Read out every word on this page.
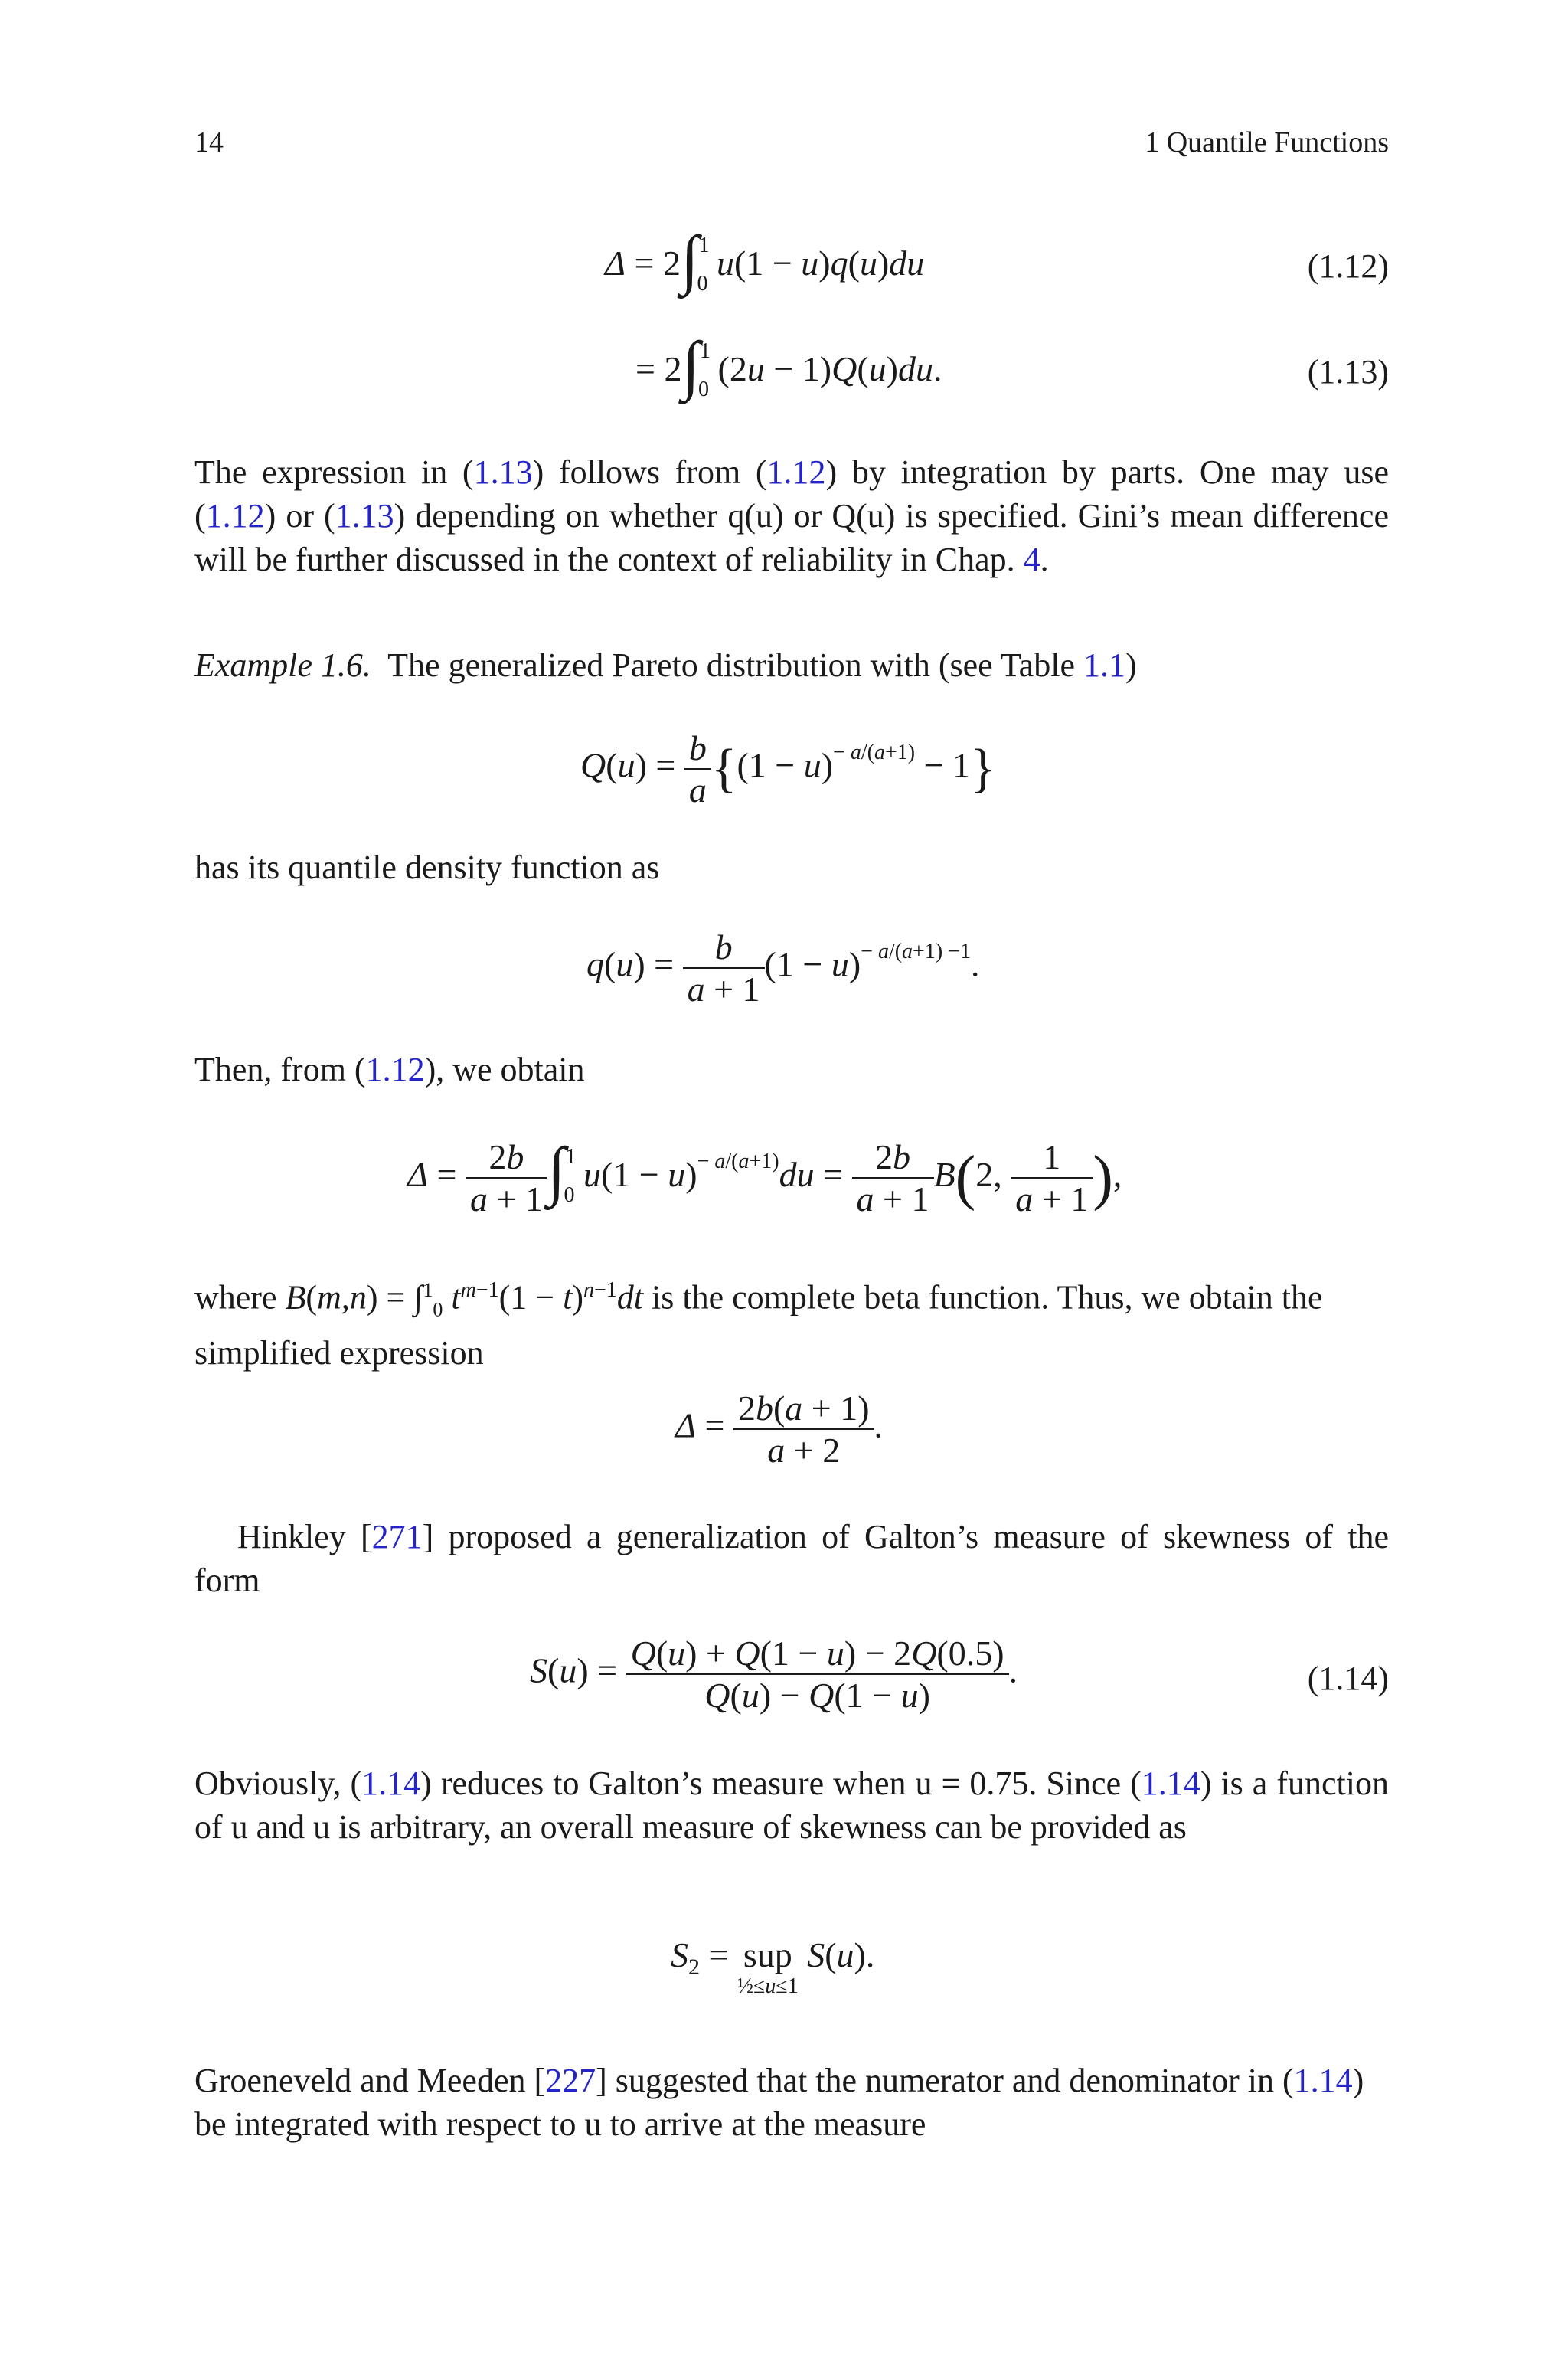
14	1 Quantile Functions
Δ = 2∫$^1_0$ u(1 − u)q(u)du	(1.12)
= 2∫$^1_0$ (2u − 1)Q(u)du.	(1.13)

The expression in (1.13) follows from (1.12) by integration by parts. One may use (1.12) or (1.13) depending on whether q(u) or Q(u) is specified. Gini’s mean difference will be further discussed in the context of reliability in Chap. 4.

Example 1.6. The generalized Pareto distribution with (see Table 1.1)

$Q(u) = \frac{b}{a} \{(1 - u)^{- a/(a+1)} - 1\}$

has its quantile density function as

$q(u) = \frac{b}{a + 1} (1 - u)^{- a/(a+1) -1}$.

Then, from (1.12), we obtain

$\Delta = \frac{2b}{a + 1} \int^1_0$ $u(1 - u)^{- a/(a+1)}du = \frac{2b}{a + 1} B(2$, $\frac{1}{a + 1}$ ),

where B(m,n) = ∫$^1_0$ $t^{m-1}(1 - t)^{n-1}dt$ is the complete beta function. Thus, we obtain the simplified expression

$\Delta = \frac{2b(a + 1)}{a + 2}$ .

Hinkley [271] proposed a generalization of Galton’s measure of skewness of the form

$S(u) = \frac{Q(u) + Q(1 - u) - 2Q(0.5)}{Q(u) - Q(1 - u)}$ .	(1.14)

Obviously, (1.14) reduces to Galton’s measure when u = 0.75. Since (1.14) is a function of u and u is arbitrary, an overall measure of skewness can be provided as

$S_2$ = sup
½≤u≤1
S(u).

Groeneveld and Meeden [227] suggested that the numerator and denominator in (1.14) be integrated with respect to u to arrive at the measure
